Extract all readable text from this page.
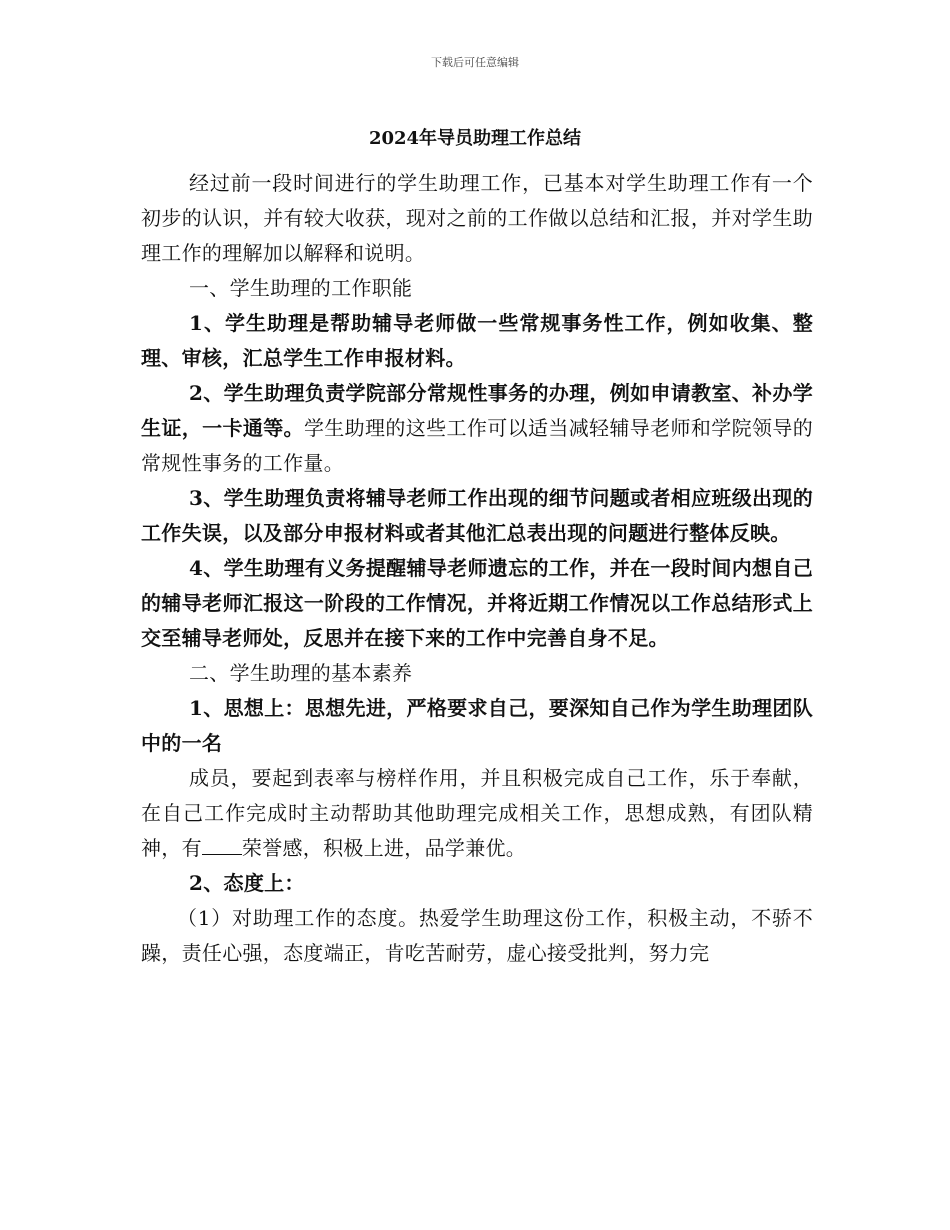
下载后可任意编辑
2024年导员助理工作总结

经过前一段时间进行的学生助理工作，已基本对学生助理工作有一个初步的认识，并有较大收获，现对之前的工作做以总结和汇报，并对学生助理工作的理解加以解释和说明。

一、学生助理的工作职能

1、学生助理是帮助辅导老师做一些常规事务性工作，例如收集、整理、审核，汇总学生工作申报材料。

2、学生助理负责学院部分常规性事务的办理，例如申请教室、补办学生证，一卡通等。学生助理的这些工作可以适当减轻辅导老师和学院领导的常规性事务的工作量。

3、学生助理负责将辅导老师工作出现的细节问题或者相应班级出现的工作失误，以及部分申报材料或者其他汇总表出现的问题进行整体反映。

4、学生助理有义务提醒辅导老师遗忘的工作，并在一段时间内想自己的辅导老师汇报这一阶段的工作情况，并将近期工作情况以工作总结形式上交至辅导老师处，反思并在接下来的工作中完善自身不足。

二、学生助理的基本素养

1、思想上：思想先进，严格要求自己，要深知自己作为学生助理团队中的一名

成员，要起到表率与榜样作用，并且积极完成自己工作，乐于奉献，在自己工作完成时主动帮助其他助理完成相关工作，思想成熟，有团队精神，有 荣誉感，积极上进，品学兼优。

2、态度上：

（1）对助理工作的态度。热爱学生助理这份工作，积极主动，不骄不躁，责任心强，态度端正，肯吃苦耐劳，虚心接受批判，努力完
